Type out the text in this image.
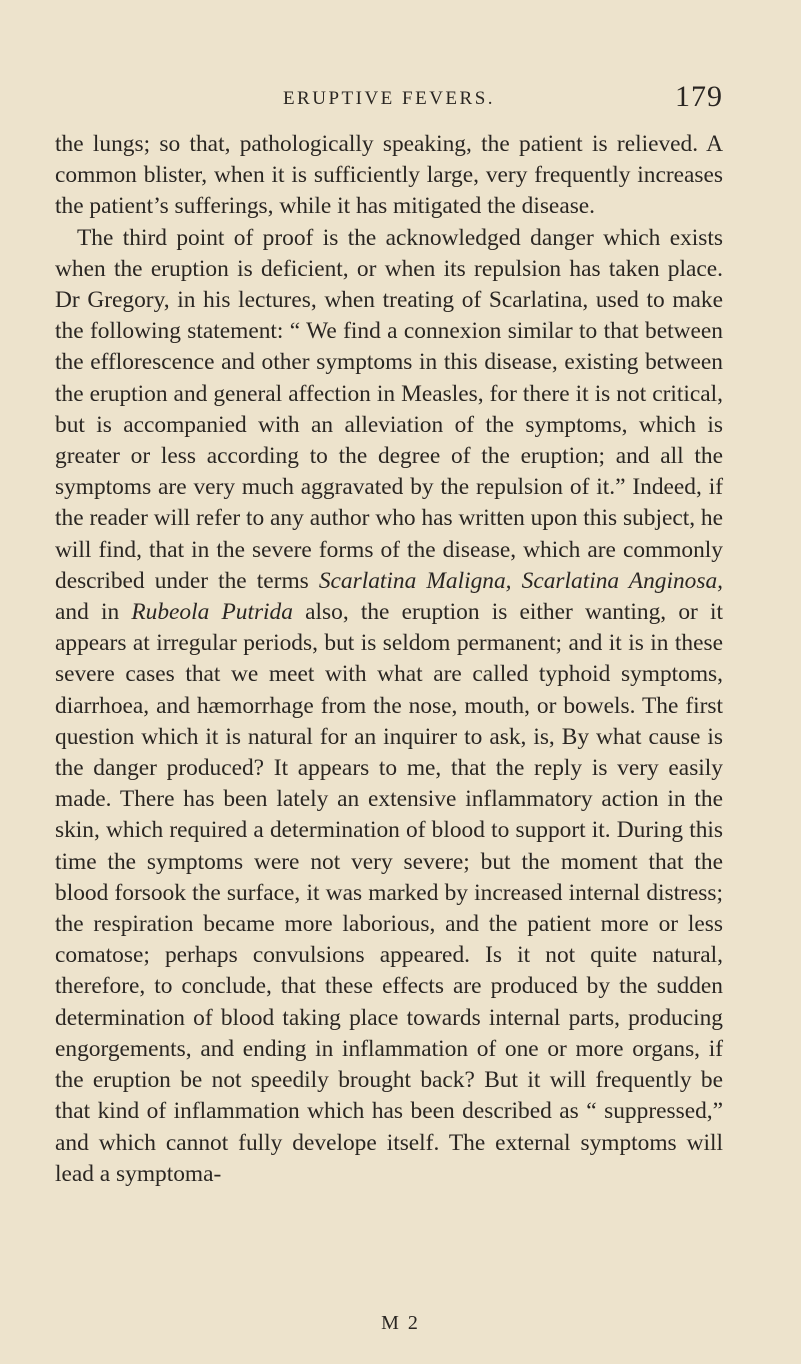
ERUPTIVE FEVERS.	179

the lungs; so that, pathologically speaking, the patient is relieved. A common blister, when it is sufficiently large, very frequently increases the patient’s sufferings, while it has mitigated the disease.

The third point of proof is the acknowledged danger which exists when the eruption is deficient, or when its repulsion has taken place. Dr Gregory, in his lectures, when treating of Scarlatina, used to make the following statement: “ We find a connexion similar to that between the efflorescence and other symptoms in this disease, existing between the eruption and general affection in Measles, for there it is not critical, but is accompanied with an alleviation of the symptoms, which is greater or less according to the degree of the eruption; and all the symptoms are very much aggravated by the repulsion of it.” Indeed, if the reader will refer to any author who has written upon this subject, he will find, that in the severe forms of the disease, which are commonly described under the terms Scarlatina Maligna, Scarlatina Anginosa, and in Rubeola Putrida also, the eruption is either wanting, or it appears at irregular periods, but is seldom permanent; and it is in these severe cases that we meet with what are called typhoid symptoms, diarrhoea, and hæmorrhage from the nose, mouth, or bowels. The first question which it is natural for an inquirer to ask, is, By what cause is the danger produced? It appears to me, that the reply is very easily made. There has been lately an extensive inflammatory action in the skin, which required a determination of blood to support it. During this time the symptoms were not very severe; but the moment that the blood forsook the surface, it was marked by increased internal distress; the respiration became more laborious, and the patient more or less comatose; perhaps convulsions appeared. Is it not quite natural, therefore, to conclude, that these effects are produced by the sudden determination of blood taking place towards internal parts, producing engorgements, and ending in inflammation of one or more organs, if the eruption be not speedily brought back? But it will frequently be that kind of inflammation which has been described as “ suppressed,” and which cannot fully develope itself. The external symptoms will lead a symptoma-

M 2
